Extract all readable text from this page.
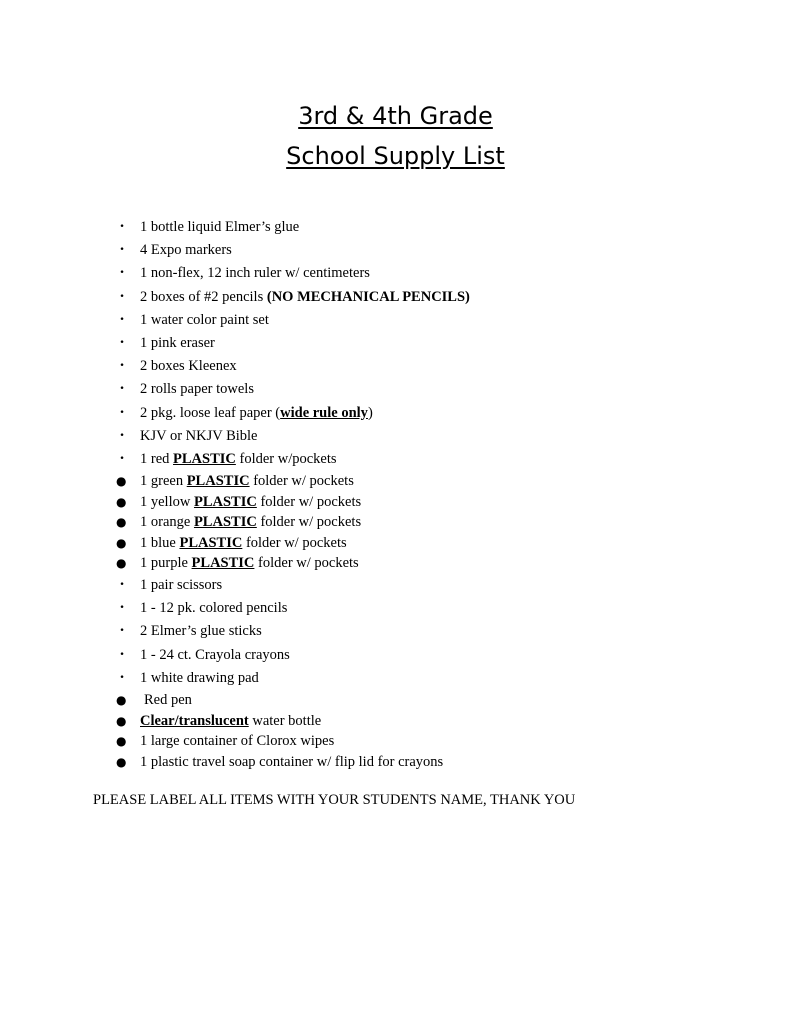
3rd & 4th Grade
School Supply List
• 1 bottle liquid Elmer’s glue
• 4 Expo markers
• 1 non-flex, 12 inch ruler w/ centimeters
• 2 boxes of #2 pencils (NO MECHANICAL PENCILS)
• 1 water color paint set
• 1 pink eraser
• 2 boxes Kleenex
• 2 rolls paper towels
• 2 pkg. loose leaf paper (wide rule only)
• KJV or NKJV Bible
• 1 red PLASTIC folder w/pockets
● 1 green PLASTIC folder w/ pockets
● 1 yellow PLASTIC folder w/ pockets
● 1 orange PLASTIC folder w/ pockets
● 1 blue PLASTIC folder w/ pockets
● 1 purple PLASTIC folder w/ pockets
• 1 pair scissors
• 1 - 12 pk. colored pencils
• 2 Elmer’s glue sticks
• 1 - 24 ct. Crayola crayons
• 1 white drawing pad
● Red pen
● Clear/translucent water bottle
● 1 large container of Clorox wipes
● 1 plastic travel soap container w/ flip lid for crayons
PLEASE LABEL ALL ITEMS WITH YOUR STUDENTS NAME, THANK YOU
